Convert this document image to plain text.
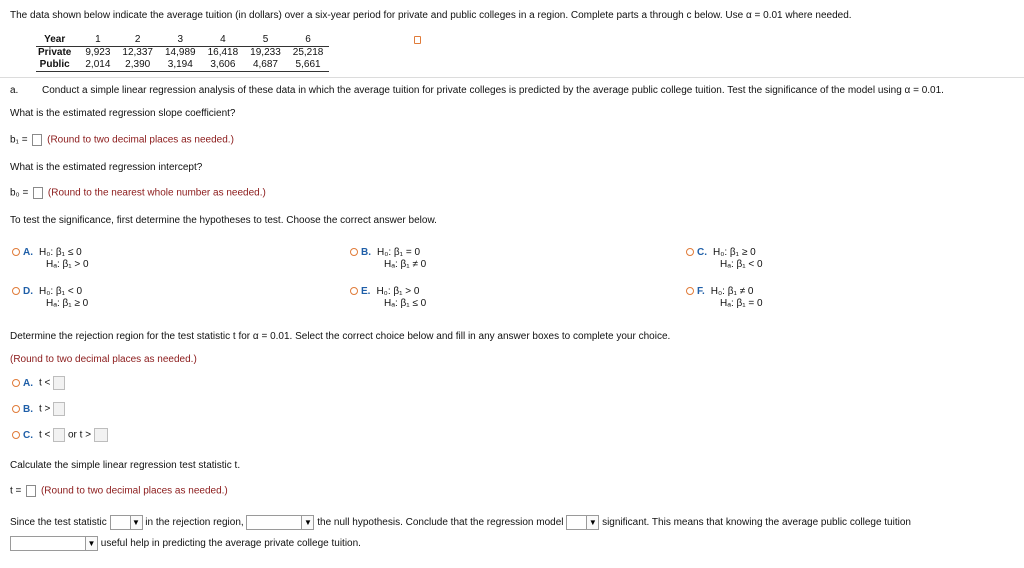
The data shown below indicate the average tuition (in dollars) over a six-year period for private and public colleges in a region. Complete parts a through c below. Use α = 0.01 where needed.
Year	1	2	3	4	5	6
Private	9,923	12,337	14,989	16,418	19,233	25,218
Public	2,014	2,390	3,194	3,606	4,687	5,661
a. Conduct a simple linear regression analysis of these data in which the average tuition for private colleges is predicted by the average public college tuition. Test the significance of the model using α = 0.01.
What is the estimated regression slope coefficient?
b₁ = (Round to two decimal places as needed.)
What is the estimated regression intercept?
b₀ = (Round to the nearest whole number as needed.)
To test the significance, first determine the hypotheses to test. Choose the correct answer below.
A. H₀: β₁ ≤ 0
Hₐ: β₁ > 0
B. H₀: β₁ = 0
Hₐ: β₁ ≠ 0
C. H₀: β₁ ≥ 0
Hₐ: β₁ < 0
D. H₀: β₁ < 0
Hₐ: β₁ ≥ 0
E. H₀: β₁ > 0
Hₐ: β₁ ≤ 0
F. H₀: β₁ ≠ 0
Hₐ: β₁ = 0
Determine the rejection region for the test statistic t for α = 0.01. Select the correct choice below and fill in any answer boxes to complete your choice.
(Round to two decimal places as needed.)
A. t <
B. t >
C. t < or t >
Calculate the simple linear regression test statistic t.
t = (Round to two decimal places as needed.)
Since the test statistic	▼ in the rejection region,	▼ the null hypothesis. Conclude that the regression model	▼ significant. This means that knowing the average public college tuition
▼ useful help in predicting the average private college tuition.
